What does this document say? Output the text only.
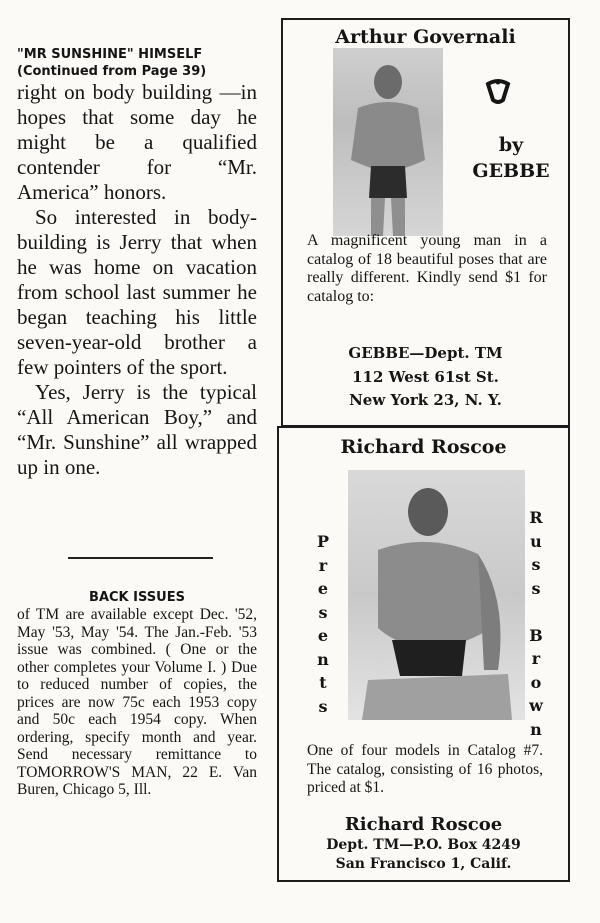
"MR SUNSHINE" HIMSELF
(Continued from Page 39)

right on body building —in hopes that some day he might be a qualified contender for “Mr. America” honors.

So interested in body-building is Jerry that when he was home on vacation from school last summer he began teaching his little seven-year-old brother a few pointers of the sport.

Yes, Jerry is the typical “All American Boy,” and “Mr. Sunshine” all wrapped up in one.

BACK ISSUES

of TM are available except Dec. '52, May '53, May '54. The Jan.-Feb. '53 issue was combined. ( One or the other completes your Volume I. ) Due to reduced number of copies, the prices are now 75c each 1953 copy and 50c each 1954 copy. When ordering, specify month and year. Send necessary remittance to TOMORROW'S MAN, 22 E. Van Buren, Chicago 5, Ill.

Arthur Governali
by
GEBBE

A magnificent young man in a catalog of 18 beautiful poses that are really different. Kindly send $1 for catalog to:

GEBBE—Dept. TM
112 West 61st St.
New York 23, N. Y.
Richard Roscoe
P
r
e
s
e
n
t
s
R
u
s
s

B
r
o
w
n

One of four models in Catalog #7. The catalog, consisting of 16 photos, priced at $1.

Richard Roscoe
Dept. TM—P.O. Box 4249
San Francisco 1, Calif.
